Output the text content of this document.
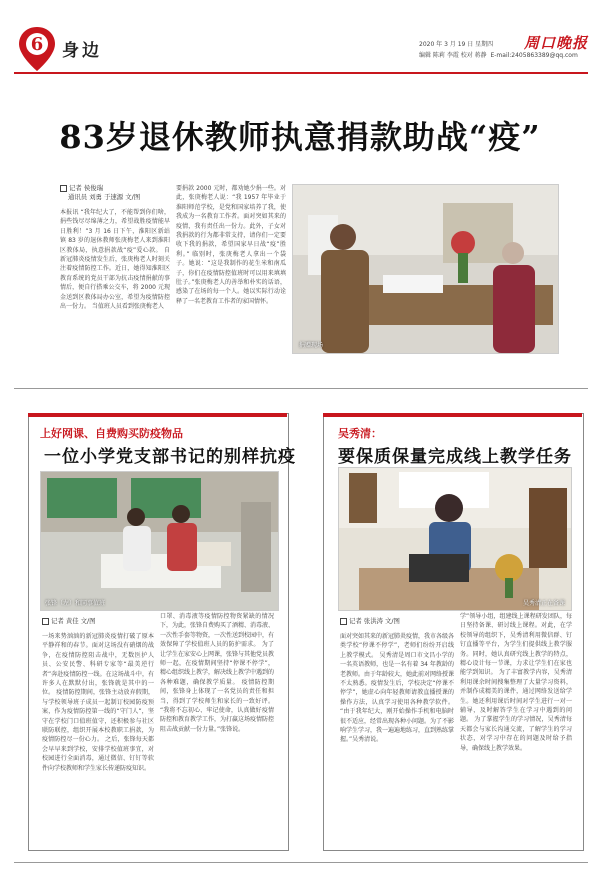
6	身边	2020 年 3 月 19 日 星期四
编辑 陈莉 李霞 校对 蒋静 E-mail:2405863389@qq.com
周口晚报
83岁退休教师执意捐款助战“疫”
记者 侯俊瑞
通讯员 刘勇 于速源 文/图
本报讯 “我年纪大了，不能帮到你们啥，捐些钱尽尽绵薄之力，希望战胜疫情能早日胜利！”3 月 16 日下午，淮阳区新站镇 83 岁的退休教师张庚梅老人来到淮阳区教体局，执意捐款战“疫”爱心款。 自新冠肺炎疫情发生后，张庚梅老人时刻关注着疫情防控工作。近日，她得知淮阳区教育系统的党员干部为抗击疫情捐献的事情后，便自行搭乘公交车，将 2000 元现金送到区教体局办公室，希望为疫情防控出一份力。 当值班人员看到张庚梅老人
要捐款 2000 元时，都劝她少捐一些。对此，张庚梅老人说：“我 1957 年毕业于淮阳师范学校，是党和国家培养了我，使我成为一名教育工作者。面对突如其来的疫情，我有责任出一份力。此外，子女对我捐款的行为都非常支持，请你们一定要收下我的捐款，希望国家早日战“疫”胜利。” 临别时，张庚梅老人拿出一个袋子。她说：“这是我制作的花生米和南瓜子，你们在疫情防控值班时可以用来填填肚子。”张庚梅老人的善举和朴实的话语，感染了在场的每一个人。她以实际行动诠释了一名老教育工作者的家国情怀。
捐赠现场
上好网课、自费购买防疫物品
一位小学党支部书记的别样抗疫
张锋（左）和同事值班
记者 黄佳 文/图
一场来势汹汹的新冠肺炎疫情打破了原本平静祥和的春节。面对这场没有硝烟的战争，在疫情防控阻击战中，无数医护人员、公安民警、科研专家等“最美逆行者”奔赴疫情防控一线。在这场战斗中，有许多人在默默付出，张锋就是其中的一位。 疫情防控期间，张锋主动放弃假期，与学校领导班子成员一起制订校园防疫预案，作为疫情防控第一线的“守门人”，坚守在学校门口值班值守，还积极参与社区联防联控，组织开展本校教职工捐款，为疫情防控尽一份心力。 之后，张锋每天都会早早来到学校，安排学校值班事宜，对校园进行全面消毒，通过微信、钉钉等软件向学校教师和学生家长传递防疫知识。
口罩、消毒液等疫情防控物资紧缺的情况下，为此，张锋自费购买了酒精、消毒液、一次性手套等物资，一次性送到校园中，有效保障了学校值班人员的防护需求。 为了让学生在家安心上网课，张锋与其他党员教师一起，在疫情期间坚持“停课不停学”，精心组织线上教学，解决线上教学中遇到的各种难题，确保教学质量。 疫情防控期间，张锋身上体现了一名党员的责任和担当，得到了学校师生和家长的一致好评。 “我将不忘初心、牢记使命，认真做好疫情防控和教育教学工作，为打赢这场疫情防控阻击战贡献一份力量。”张锋说。
吴秀清：
要保质保量完成线上教学任务
吴秀清正在备课
记者 张洪涛 文/图
面对突如其来的新冠肺炎疫情，我市各级各类学校“停课不停学”，老师们纷纷开启线上教学模式。 吴秀清是周口市文昌小学的一名英语教师，也是一名有着 34 年教龄的老教师。由于年龄较大，她此前对网络授课不太熟悉。疫情发生后，学校决定“停课不停学”，她虚心向年轻教师请教直播授课的操作方法，认真学习使用各种教学软件。 “由于我年纪大，刚开始操作手机和电脑时很不适应，经常出现各种小问题。为了不影响学生学习，我一遍遍地练习，直到熟练掌握。”吴秀清说。
学”领导小组，组建线上课程研发团队，每日坚持备课、研讨线上课程。对此，在学校领导的组织下，吴秀清利用微信群、钉钉直播等平台，为学生们提供线上教学服务。同时，她认真研究线上教学的特点，精心设计每一节课，力求让学生们在家也能学到知识。 为了丰富教学内容，吴秀清利用课余时间搜集整理了大量学习资料，并制作成精美的课件，通过网络发送给学生。她还利用课后时间对学生进行一对一辅导，及时解答学生在学习中遇到的问题。 为了掌握学生的学习情况，吴秀清每天都会与家长沟通交流，了解学生的学习状态，对学习中存在的问题及时给予指导，确保线上教学效果。
